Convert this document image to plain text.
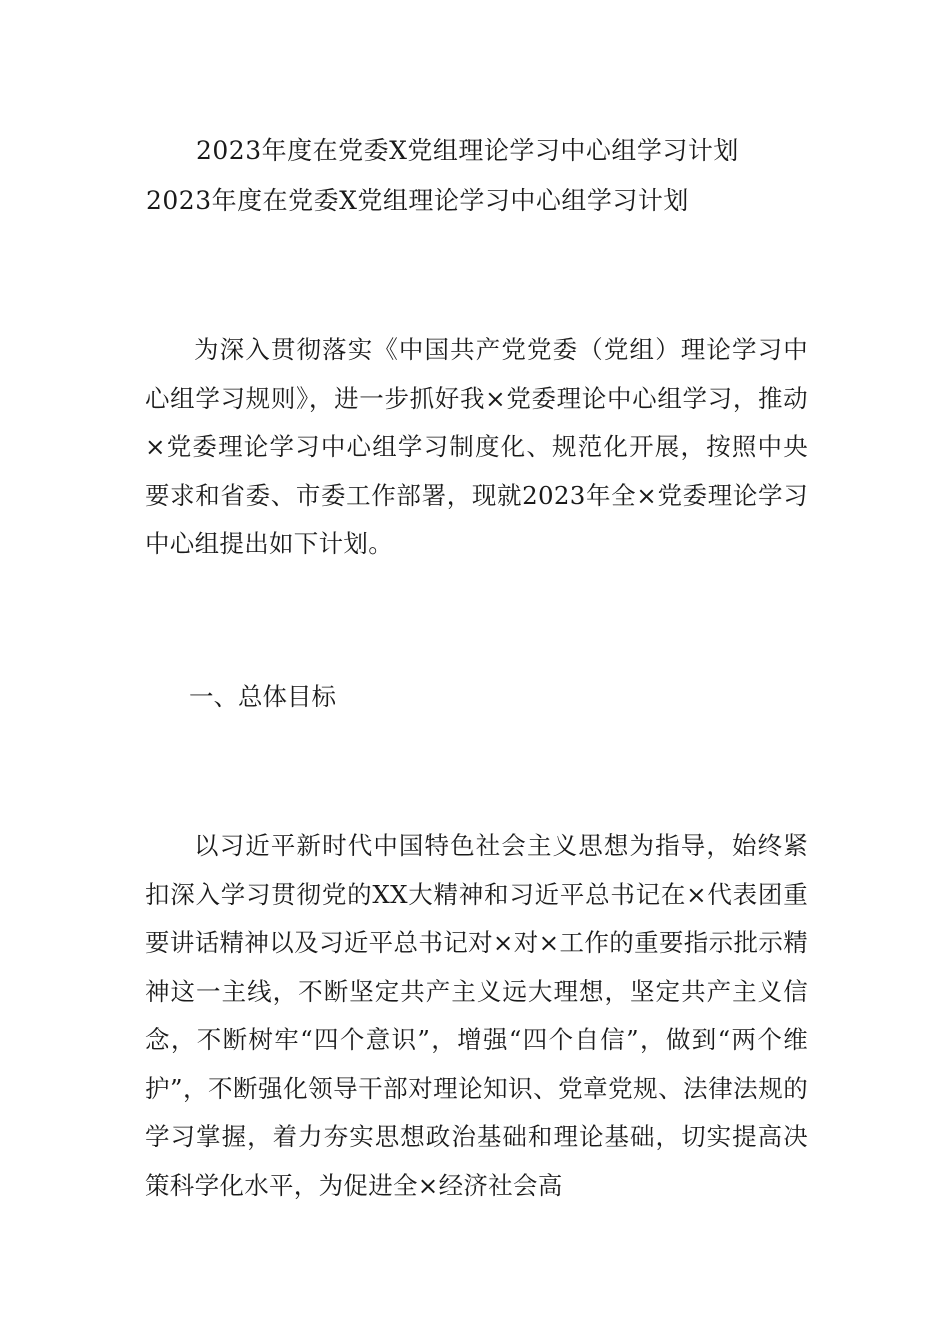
2023年度在党委X党组理论学习中心组学习计划
2023年度在党委X党组理论学习中心组学习计划

为深入贯彻落实《中国共产党党委（党组）理论学习中心组学习规则》，进一步抓好我×党委理论中心组学习，推动×党委理论学习中心组学习制度化、规范化开展，按照中央要求和省委、市委工作部署，现就2023年全×党委理论学习中心组提出如下计划。

一、总体目标

以习近平新时代中国特色社会主义思想为指导，始终紧扣深入学习贯彻党的XX大精神和习近平总书记在×代表团重要讲话精神以及习近平总书记对×对×工作的重要指示批示精神这一主线，不断坚定共产主义远大理想，坚定共产主义信念，不断树牢“四个意识”，增强“四个自信”，做到“两个维护”，不断强化领导干部对理论知识、党章党规、法律法规的学习掌握，着力夯实思想政治基础和理论基础，切实提高决策科学化水平，为促进全×经济社会高
